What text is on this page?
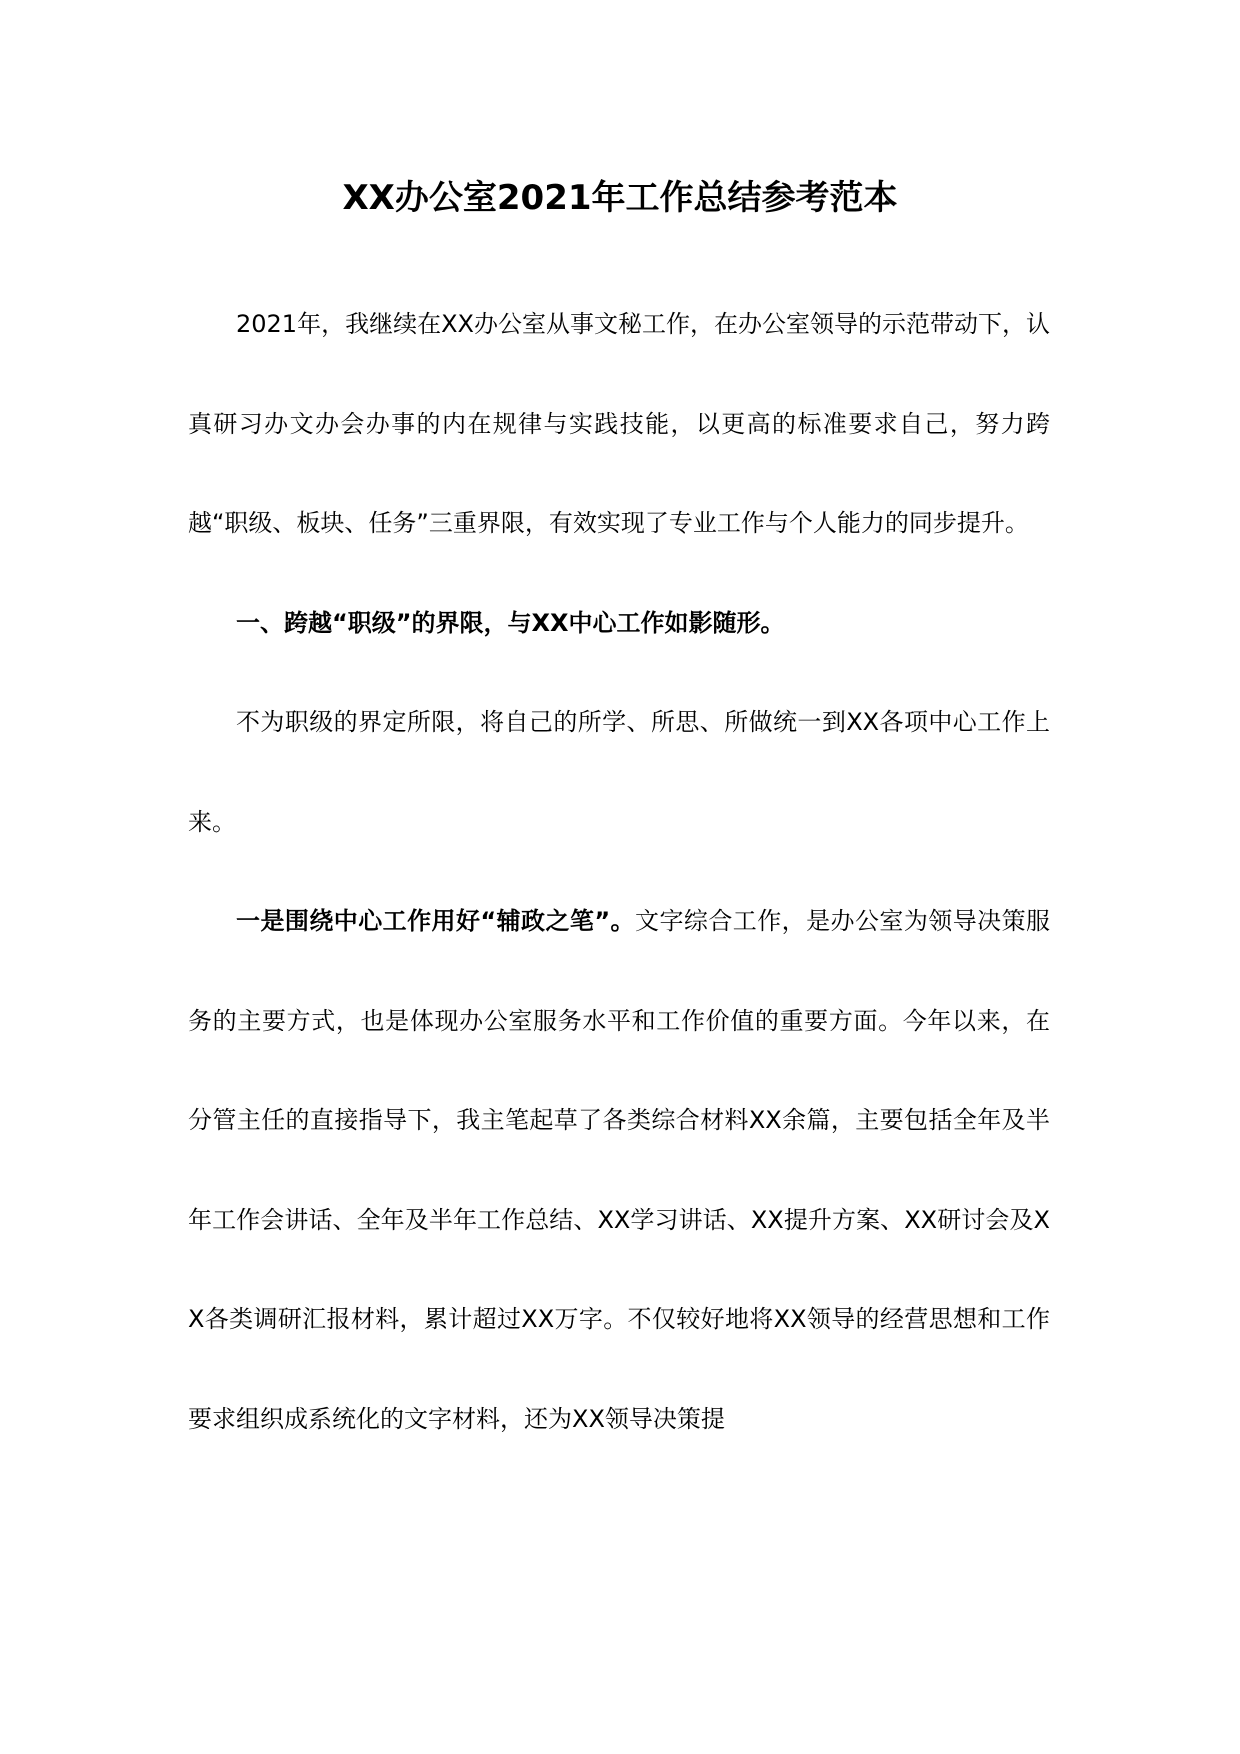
XX办公室2021年工作总结参考范本

2021年，我继续在XX办公室从事文秘工作，在办公室领导的示范带动下，认真研习办文办会办事的内在规律与实践技能，以更高的标准要求自己，努力跨越“职级、板块、任务”三重界限，有效实现了专业工作与个人能力的同步提升。

一、跨越“职级”的界限，与XX中心工作如影随形。

不为职级的界定所限，将自己的所学、所思、所做统一到XX各项中心工作上来。

一是围绕中心工作用好“辅政之笔”。文字综合工作，是办公室为领导决策服务的主要方式，也是体现办公室服务水平和工作价值的重要方面。今年以来，在分管主任的直接指导下，我主笔起草了各类综合材料XX余篇，主要包括全年及半年工作会讲话、全年及半年工作总结、XX学习讲话、XX提升方案、XX研讨会及XX各类调研汇报材料，累计超过XX万字。不仅较好地将XX领导的经营思想和工作要求组织成系统化的文字材料，还为XX领导决策提
